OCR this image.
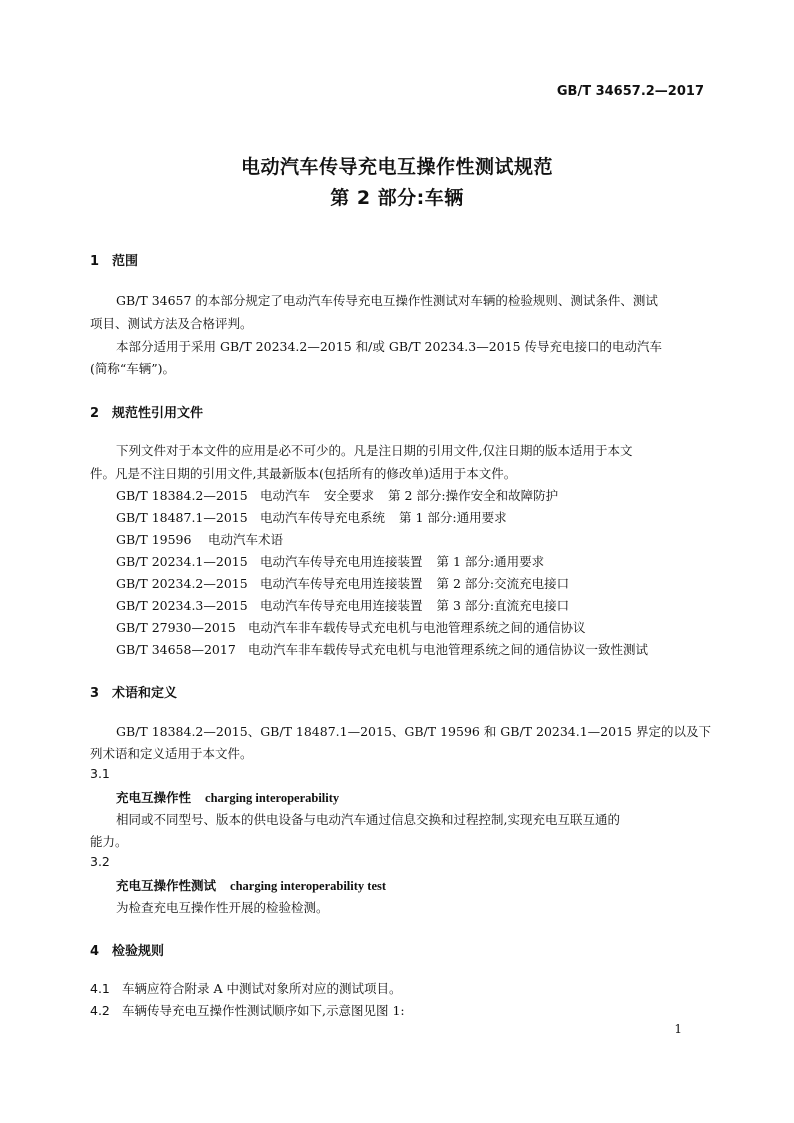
GB/T 34657.2—2017
电动汽车传导充电互操作性测试规范
第 2 部分:车辆
1 范围
GB/T 34657 的本部分规定了电动汽车传导充电互操作性测试对车辆的检验规则、测试条件、测试
项目、测试方法及合格评判。
本部分适用于采用 GB/T 20234.2—2015 和/或 GB/T 20234.3—2015 传导充电接口的电动汽车
(简称“车辆”)。
2 规范性引用文件
下列文件对于本文件的应用是必不可少的。凡是注日期的引用文件,仅注日期的版本适用于本文
件。凡是不注日期的引用文件,其最新版本(包括所有的修改单)适用于本文件。
GB/T 18384.2—2015 电动汽车 安全要求 第 2 部分:操作安全和故障防护
GB/T 18487.1—2015 电动汽车传导充电系统 第 1 部分:通用要求
GB/T 19596 电动汽车术语
GB/T 20234.1—2015 电动汽车传导充电用连接装置 第 1 部分:通用要求
GB/T 20234.2—2015 电动汽车传导充电用连接装置 第 2 部分:交流充电接口
GB/T 20234.3—2015 电动汽车传导充电用连接装置 第 3 部分:直流充电接口
GB/T 27930—2015 电动汽车非车载传导式充电机与电池管理系统之间的通信协议
GB/T 34658—2017 电动汽车非车载传导式充电机与电池管理系统之间的通信协议一致性测试
3 术语和定义
GB/T 18384.2—2015、GB/T 18487.1—2015、GB/T 19596 和 GB/T 20234.1—2015 界定的以及下
列术语和定义适用于本文件。
3.1
充电互操作性 charging interoperability
相同或不同型号、版本的供电设备与电动汽车通过信息交换和过程控制,实现充电互联互通的
能力。
3.2
充电互操作性测试 charging interoperability test
为检查充电互操作性开展的检验检测。
4 检验规则
4.1 车辆应符合附录 A 中测试对象所对应的测试项目。
4.2 车辆传导充电互操作性测试顺序如下,示意图见图 1:
1
